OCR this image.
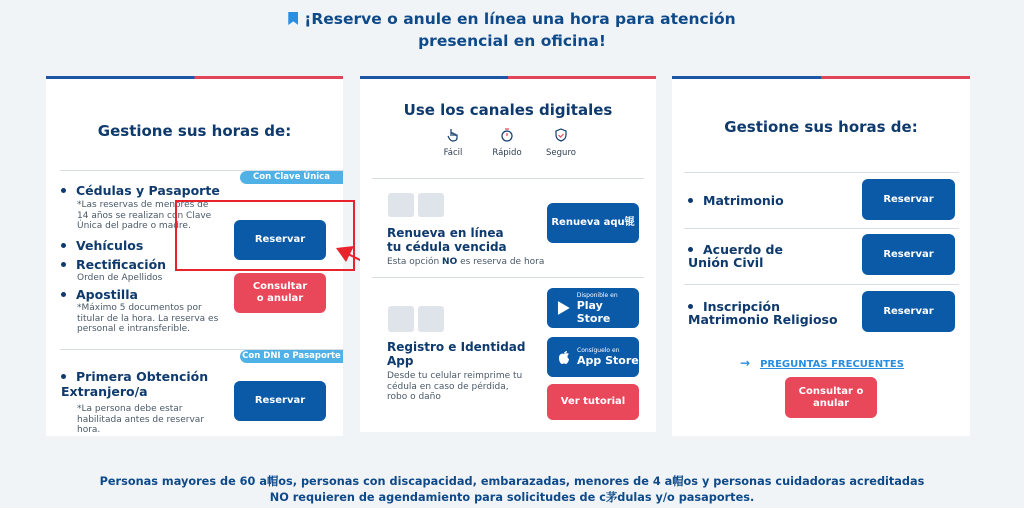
¡Reserve o anule en línea una hora para atención
presencial en oficina!
Gestione sus horas de:
Con Clave Única
Cédulas y Pasaporte
*Las reservas de menores de 14 años se realizan con Clave Única del padre o madre.
Vehículos
Rectificación
Orden de Apellidos
Apostilla
*Máximo 5 documentos por titular de la hora. La reserva es personal e intransferible.
Reservar
Consultar o anular
Con DNI o Pasaporte
Primera Obtención Extranjero/a
*La persona debe estar habilitada antes de reservar hora.
Reservar
Use los canales digitales
Fácil	Rápido	Seguro
Renueva en línea tu cédula vencida
Esta opción NO es reserva de hora
Renueva aqu锟
Registro e Identidad App
Desde tu celular reimprime tu cédula en caso de pérdida, robo o daño
Disponible en
Play Store
Consíguelo en
App Store
Ver tutorial
Gestione sus horas de:
Matrimonio	Reservar
Acuerdo de Unión Civil
Reservar
Inscripción Matrimonio Religioso
Reservar
→ PREGUNTAS FRECUENTES
Consultar o anular
Personas mayores de 60 a帽os, personas con discapacidad, embarazadas, menores de 4 a帽os y personas cuidadoras acreditadas
NO requieren de agendamiento para solicitudes de c茅dulas y/o pasaportes.
